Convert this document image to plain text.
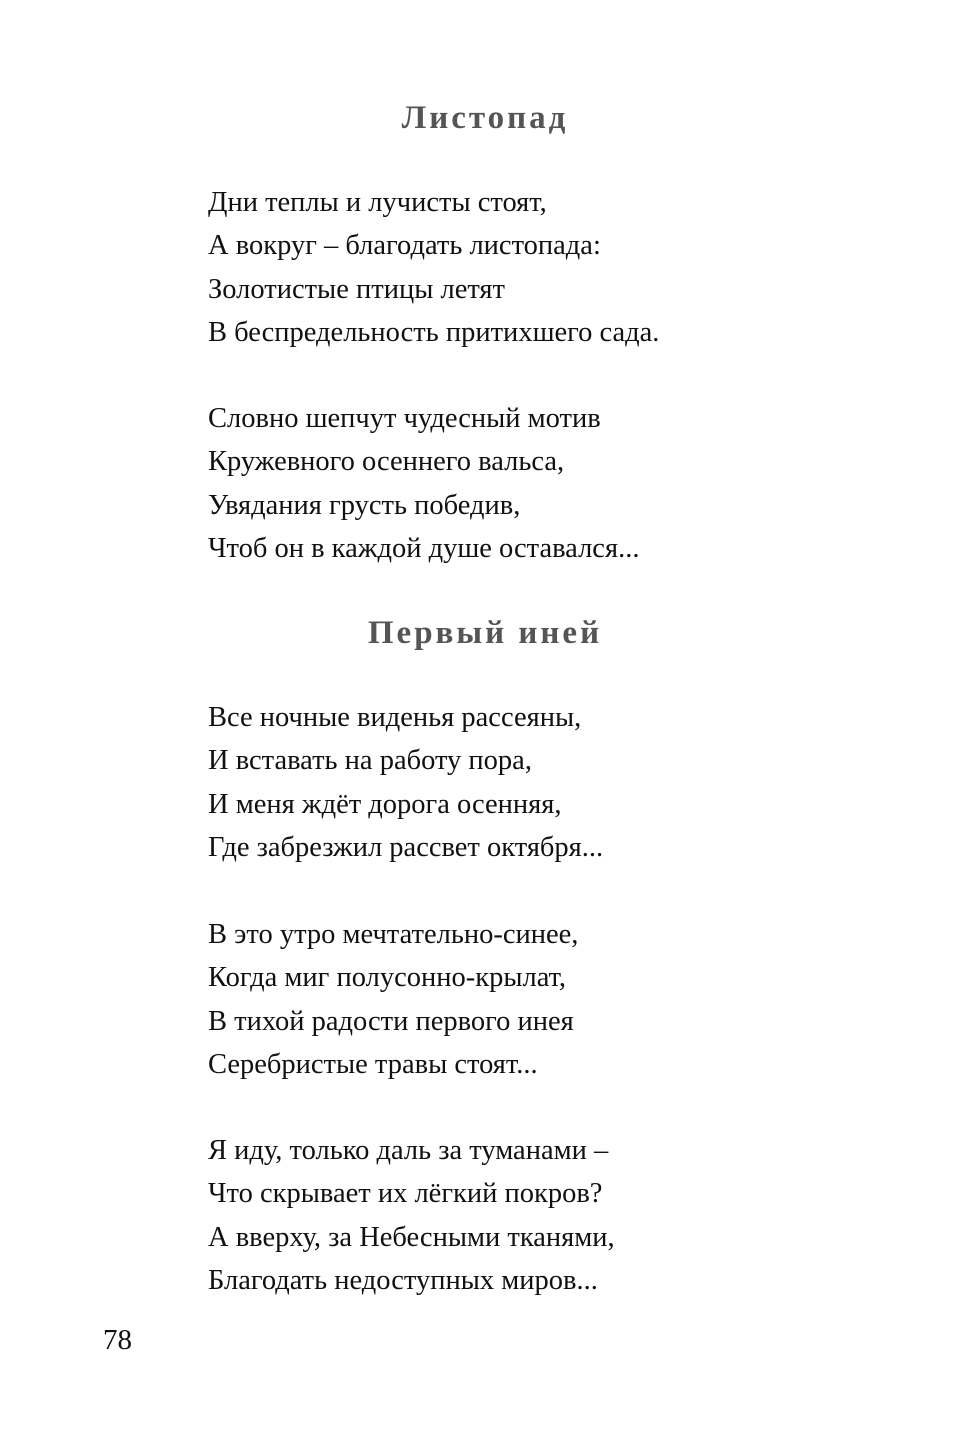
Листопад
Дни теплы и лучисты стоят,
А вокруг – благодать листопада:
Золотистые птицы летят
В беспредельность притихшего сада.
Словно шепчут чудесный мотив
Кружевного осеннего вальса,
Увядания грусть победив,
Чтоб он в каждой душе оставался...
Первый иней
Все ночные виденья рассеяны,
И вставать на работу пора,
И меня ждёт дорога осенняя,
Где забрезжил рассвет октября...
В это утро мечтательно-синее,
Когда миг полусонно-крылат,
В тихой радости первого инея
Серебристые травы стоят...
Я иду, только даль за туманами –
Что скрывает их лёгкий покров?
А вверху, за Небесными тканями,
Благодать недоступных миров...
78
